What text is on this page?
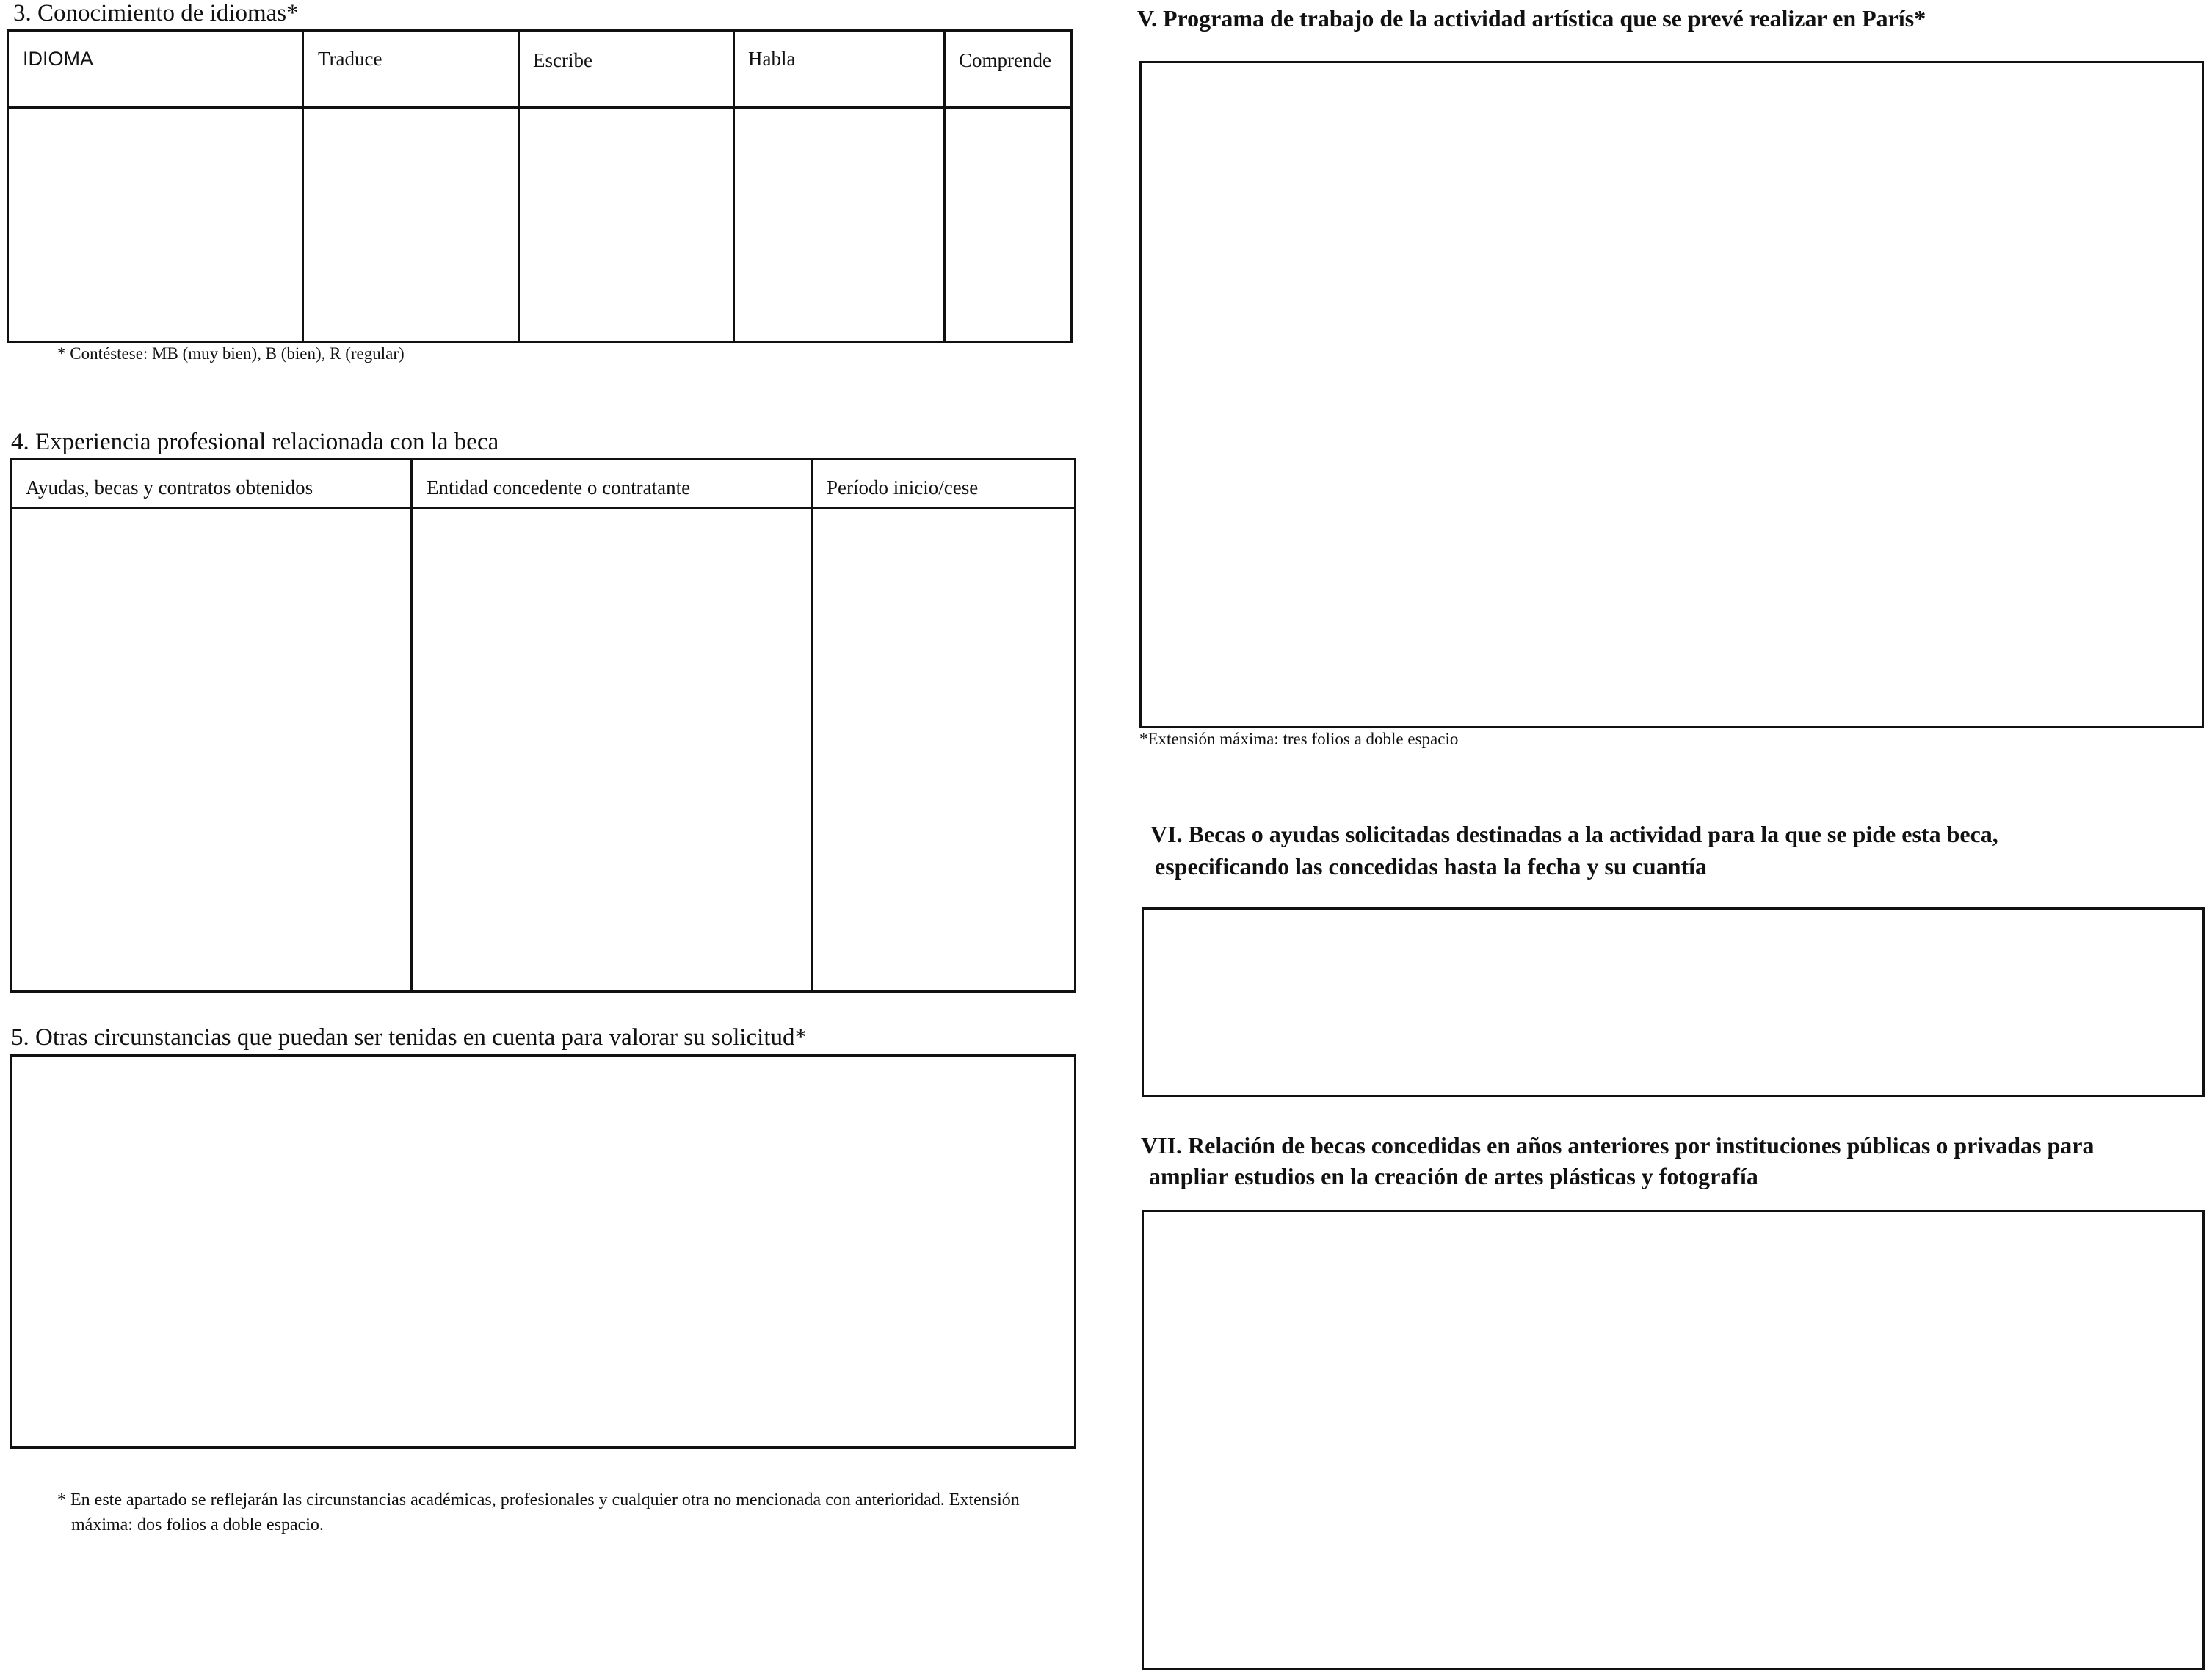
3. Conocimiento de idiomas*
IDIOMA	Traduce	Escribe	Habla	Comprende
* Contéstese: MB (muy bien), B (bien), R (regular)
4. Experiencia profesional relacionada con la beca
Ayudas, becas y contratos obtenidos	Entidad concedente o contratante	Período inicio/cese
5. Otras circunstancias que puedan ser tenidas en cuenta para valorar su solicitud*
* En este apartado se reflejarán las circunstancias académicas, profesionales y cualquier otra no mencionada con anterioridad. Extensión
máxima: dos folios a doble espacio.
V. Programa de trabajo de la actividad artística que se prevé realizar en París*
*Extensión máxima: tres folios a doble espacio
VI. Becas o ayudas solicitadas destinadas a la actividad para la que se pide esta beca,
especificando las concedidas hasta la fecha y su cuantía
VII. Relación de becas concedidas en años anteriores por instituciones públicas o privadas para
ampliar estudios en la creación de artes plásticas y fotografía
